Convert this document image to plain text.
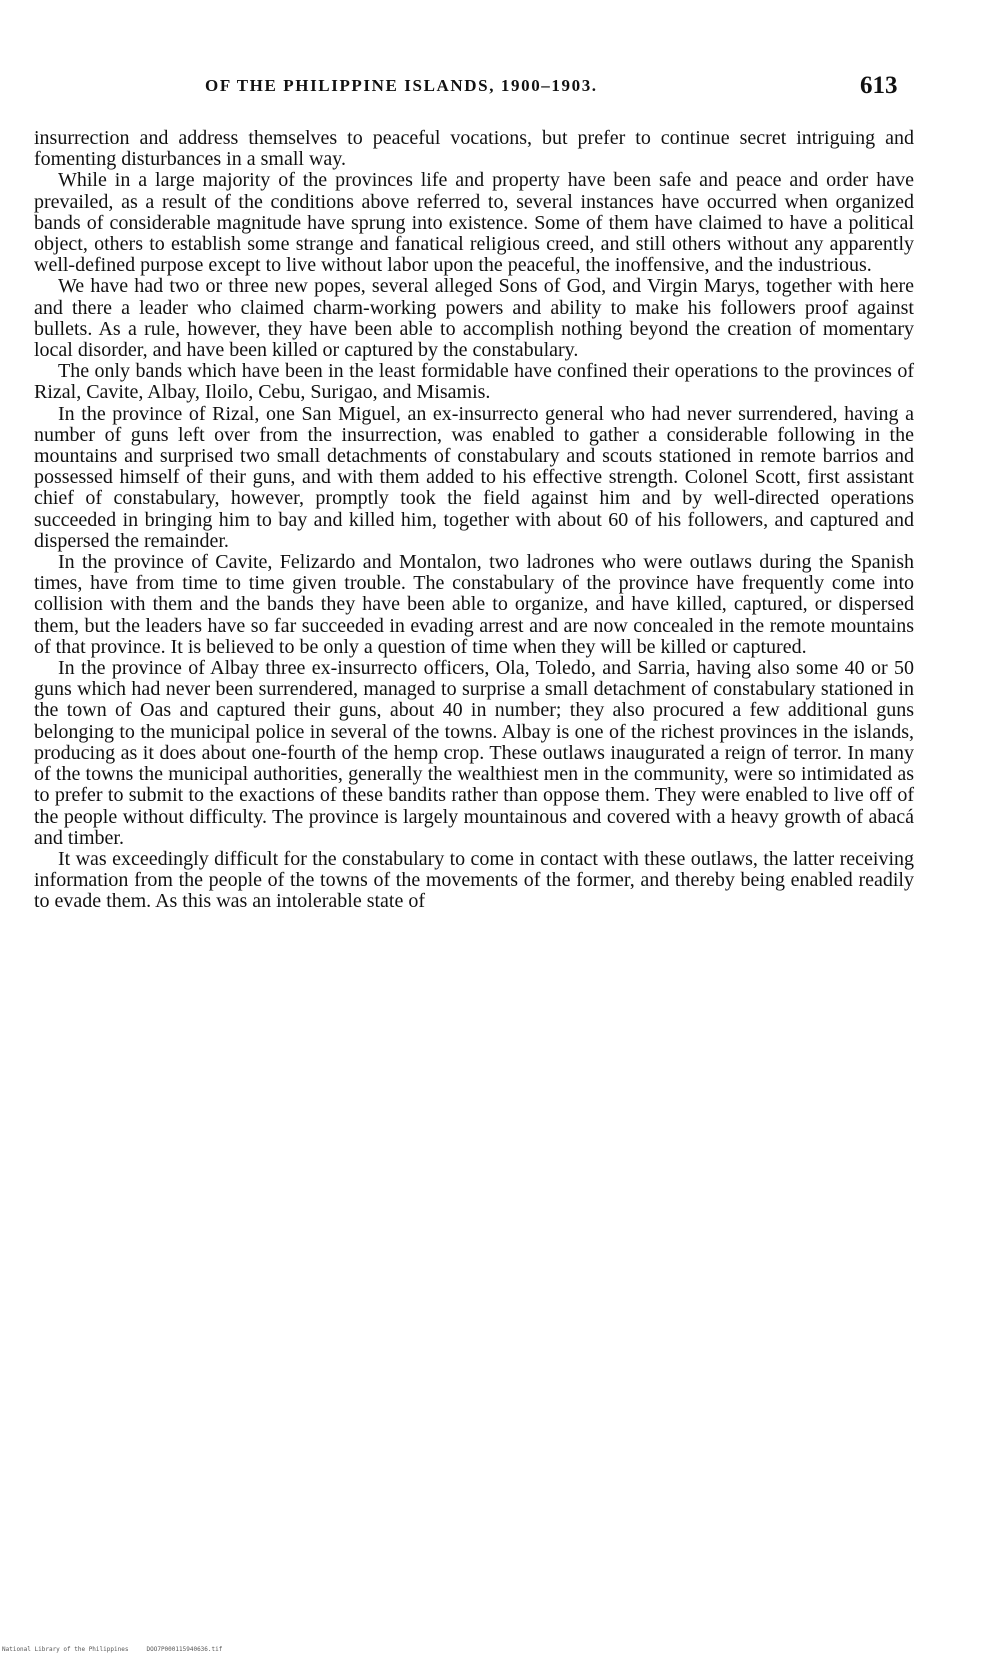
OF THE PHILIPPINE ISLANDS, 1900–1903.	613

insurrection and address themselves to peaceful vocations, but prefer to continue secret intriguing and fomenting disturbances in a small way.

While in a large majority of the provinces life and property have been safe and peace and order have prevailed, as a result of the conditions above referred to, several instances have occurred when organized bands of considerable magnitude have sprung into existence. Some of them have claimed to have a political object, others to establish some strange and fanatical religious creed, and still others without any apparently well-defined purpose except to live without labor upon the peaceful, the inoffensive, and the industrious.

We have had two or three new popes, several alleged Sons of God, and Virgin Marys, together with here and there a leader who claimed charm-working powers and ability to make his followers proof against bullets. As a rule, however, they have been able to accomplish nothing beyond the creation of momentary local disorder, and have been killed or captured by the constabulary.

The only bands which have been in the least formidable have confined their operations to the provinces of Rizal, Cavite, Albay, Iloilo, Cebu, Surigao, and Misamis.

In the province of Rizal, one San Miguel, an ex-insurrecto general who had never surrendered, having a number of guns left over from the insurrection, was enabled to gather a considerable following in the mountains and surprised two small detachments of constabulary and scouts stationed in remote barrios and possessed himself of their guns, and with them added to his effective strength. Colonel Scott, first assistant chief of constabulary, however, promptly took the field against him and by well-directed operations succeeded in bringing him to bay and killed him, together with about 60 of his followers, and captured and dispersed the remainder.

In the province of Cavite, Felizardo and Montalon, two ladrones who were outlaws during the Spanish times, have from time to time given trouble. The constabulary of the province have frequently come into collision with them and the bands they have been able to organize, and have killed, captured, or dispersed them, but the leaders have so far succeeded in evading arrest and are now concealed in the remote mountains of that province. It is believed to be only a question of time when they will be killed or captured.

In the province of Albay three ex-insurrecto officers, Ola, Toledo, and Sarria, having also some 40 or 50 guns which had never been surrendered, managed to surprise a small detachment of constabulary stationed in the town of Oas and captured their guns, about 40 in number; they also procured a few additional guns belonging to the municipal police in several of the towns. Albay is one of the richest provinces in the islands, producing as it does about one-fourth of the hemp crop. These outlaws inaugurated a reign of terror. In many of the towns the municipal authorities, generally the wealthiest men in the community, were so intimidated as to prefer to submit to the exactions of these bandits rather than oppose them. They were enabled to live off of the people without difficulty. The province is largely mountainous and covered with a heavy growth of abacá and timber.

It was exceedingly difficult for the constabulary to come in contact with these outlaws, the latter receiving information from the people of the towns of the movements of the former, and thereby being enabled readily to evade them. As this was an intolerable state of

National Library of the Philippines	DOO7P000115940636.tif
